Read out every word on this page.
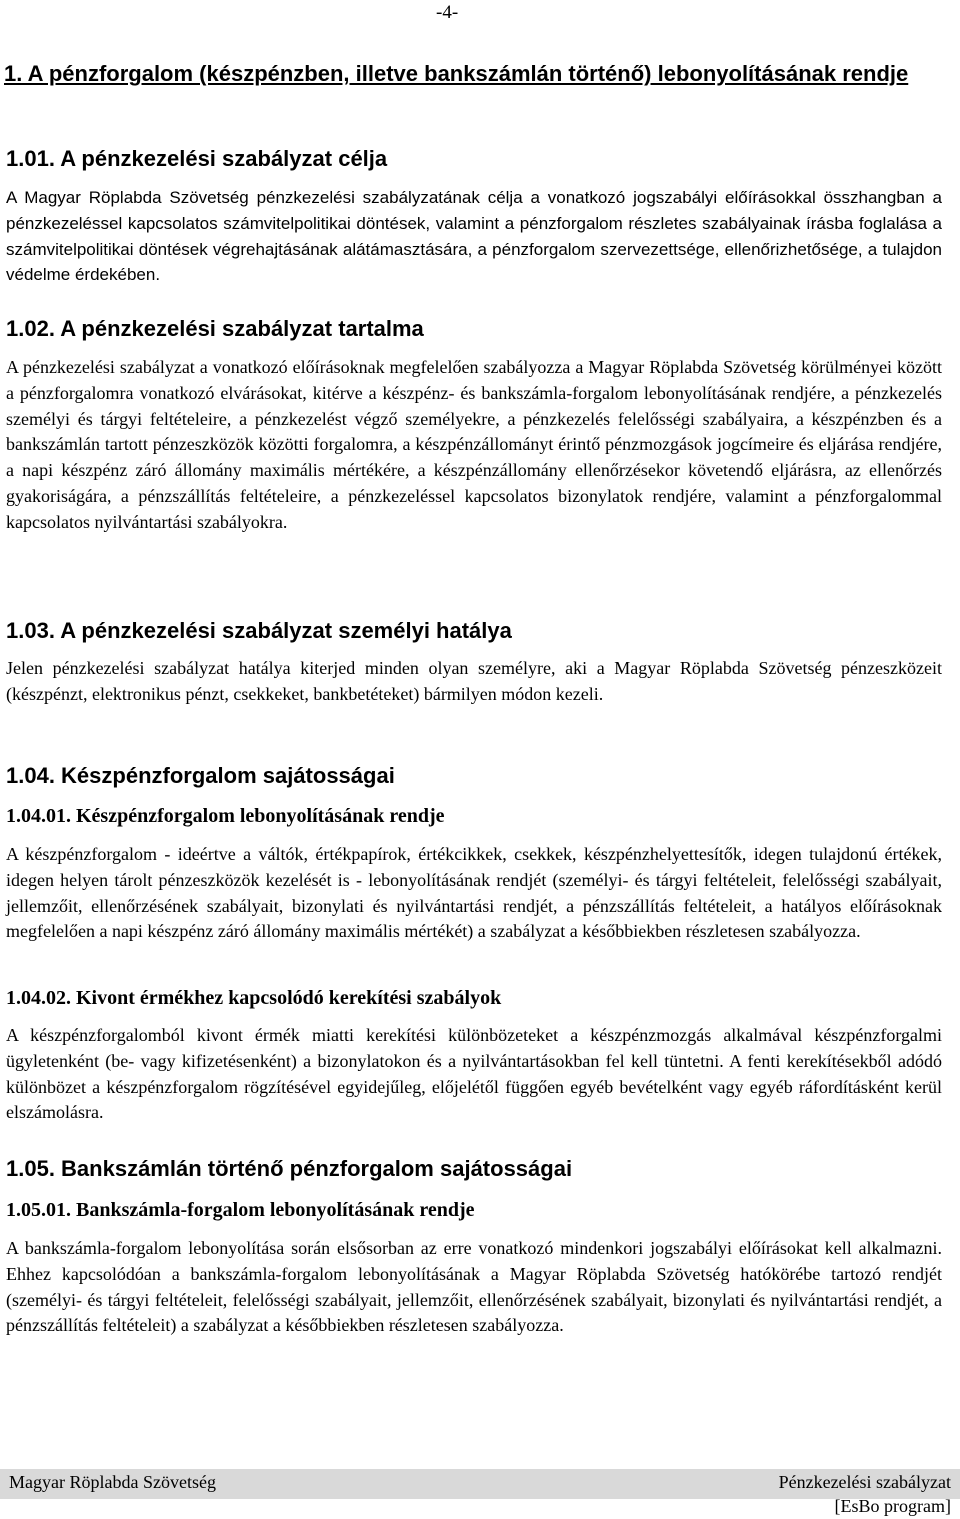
-4-
1. A pénzforgalom (készpénzben, illetve bankszámlán történő) lebonyolításának rendje
1.01. A pénzkezelési szabályzat célja
A Magyar Röplabda Szövetség pénzkezelési szabályzatának célja a vonatkozó jogszabályi előírásokkal összhangban a pénzkezeléssel kapcsolatos számvitelpolitikai döntések, valamint a pénzforgalom részletes szabályainak írásba foglalása a számvitelpolitikai döntések végrehajtásának alátámasztására, a pénzforgalom szervezettsége, ellenőrizhetősége, a tulajdon védelme érdekében.
1.02. A pénzkezelési szabályzat tartalma
A pénzkezelési szabályzat a vonatkozó előírásoknak megfelelően szabályozza a Magyar Röplabda Szövetség körülményei között a pénzforgalomra vonatkozó elvárásokat, kitérve a készpénz- és bankszámla-forgalom lebonyolításának rendjére, a pénzkezelés személyi és tárgyi feltételeire, a pénzkezelést végző személyekre, a pénzkezelés felelősségi szabályaira, a készpénzben és a bankszámlán tartott pénzeszközök közötti forgalomra, a készpénzállományt érintő pénzmozgások jogcímeire és eljárása rendjére, a napi készpénz záró állomány maximális mértékére, a készpénzállomány ellenőrzésekor követendő eljárásra, az ellenőrzés gyakoriságára, a pénzszállítás feltételeire, a pénzkezeléssel kapcsolatos bizonylatok rendjére, valamint a pénzforgalommal kapcsolatos nyilvántartási szabályokra.
1.03. A pénzkezelési szabályzat személyi hatálya
Jelen pénzkezelési szabályzat hatálya kiterjed minden olyan személyre, aki a Magyar Röplabda Szövetség pénzeszközeit (készpénzt, elektronikus pénzt, csekkeket, bankbetéteket) bármilyen módon kezeli.
1.04. Készpénzforgalom sajátosságai
1.04.01. Készpénzforgalom lebonyolításának rendje
A készpénzforgalom - ideértve a váltók, értékpapírok, értékcikkek, csekkek, készpénzhelyettesítők, idegen tulajdonú értékek, idegen helyen tárolt pénzeszközök kezelését is - lebonyolításának rendjét (személyi- és tárgyi feltételeit, felelősségi szabályait, jellemzőit, ellenőrzésének szabályait, bizonylati és nyilvántartási rendjét, a pénzszállítás feltételeit, a hatályos előírásoknak megfelelően a napi készpénz záró állomány maximális mértékét) a szabályzat a későbbiekben részletesen szabályozza.
1.04.02. Kivont érmékhez kapcsolódó kerekítési szabályok
A készpénzforgalomból kivont érmék miatti kerekítési különbözeteket a készpénzmozgás alkalmával készpénzforgalmi ügyletenként (be- vagy kifizetésenként) a bizonylatokon és a nyilvántartásokban fel kell tüntetni. A fenti kerekítésekből adódó különbözet a készpénzforgalom rögzítésével egyidejűleg, előjelétől függően egyéb bevételként vagy egyéb ráfordításként kerül elszámolásra.
1.05. Bankszámlán történő pénzforgalom sajátosságai
1.05.01. Bankszámla-forgalom lebonyolításának rendje
A bankszámla-forgalom lebonyolítása során elsősorban az erre vonatkozó mindenkori jogszabályi előírásokat kell alkalmazni. Ehhez kapcsolódóan a bankszámla-forgalom lebonyolításának a Magyar Röplabda Szövetség hatókörébe tartozó rendjét (személyi- és tárgyi feltételeit, felelősségi szabályait, jellemzőit, ellenőrzésének szabályait, bizonylati és nyilvántartási rendjét, a pénzszállítás feltételeit) a szabályzat a későbbiekben részletesen szabályozza.
Magyar Röplabda Szövetség	Pénzkezelési szabályzat
[EsBo program]
